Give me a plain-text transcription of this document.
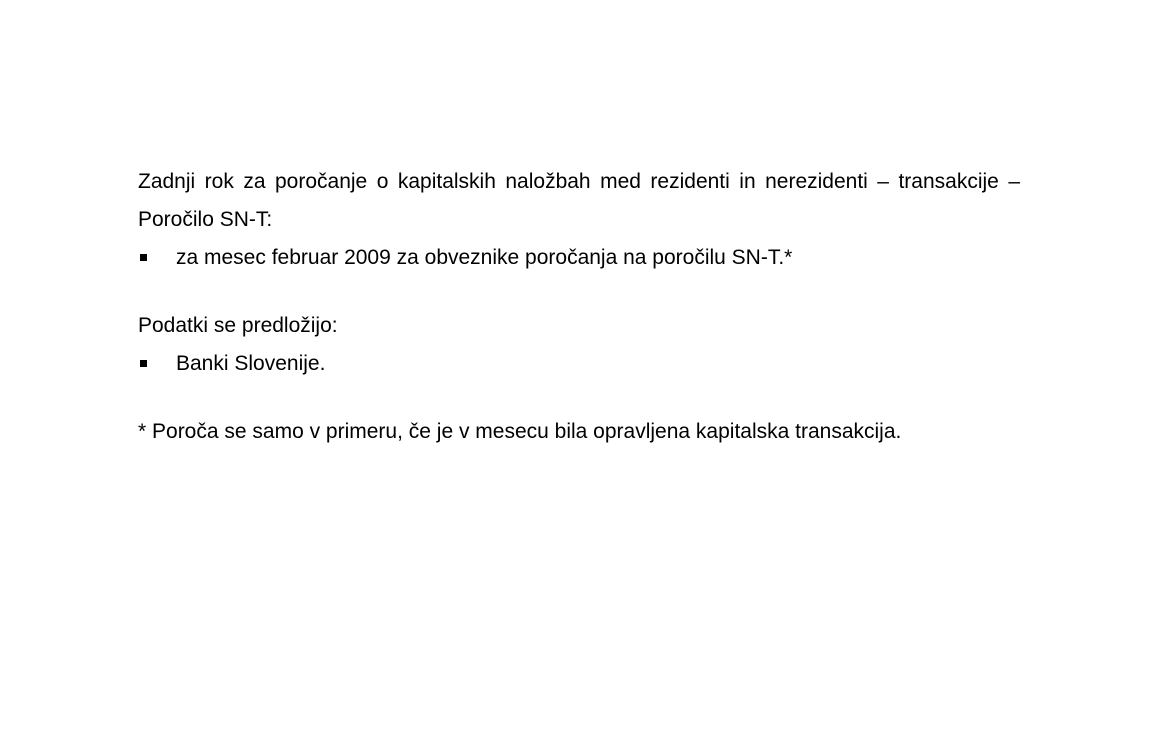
Zadnji rok za poročanje o kapitalskih naložbah med rezidenti in nerezidenti – transakcije – Poročilo SN-T:

za mesec februar 2009 za obveznike poročanja na poročilu SN-T.*

Podatki se predložijo:

Banki Slovenije.

* Poroča se samo v primeru, če je v mesecu bila opravljena kapitalska transakcija.
